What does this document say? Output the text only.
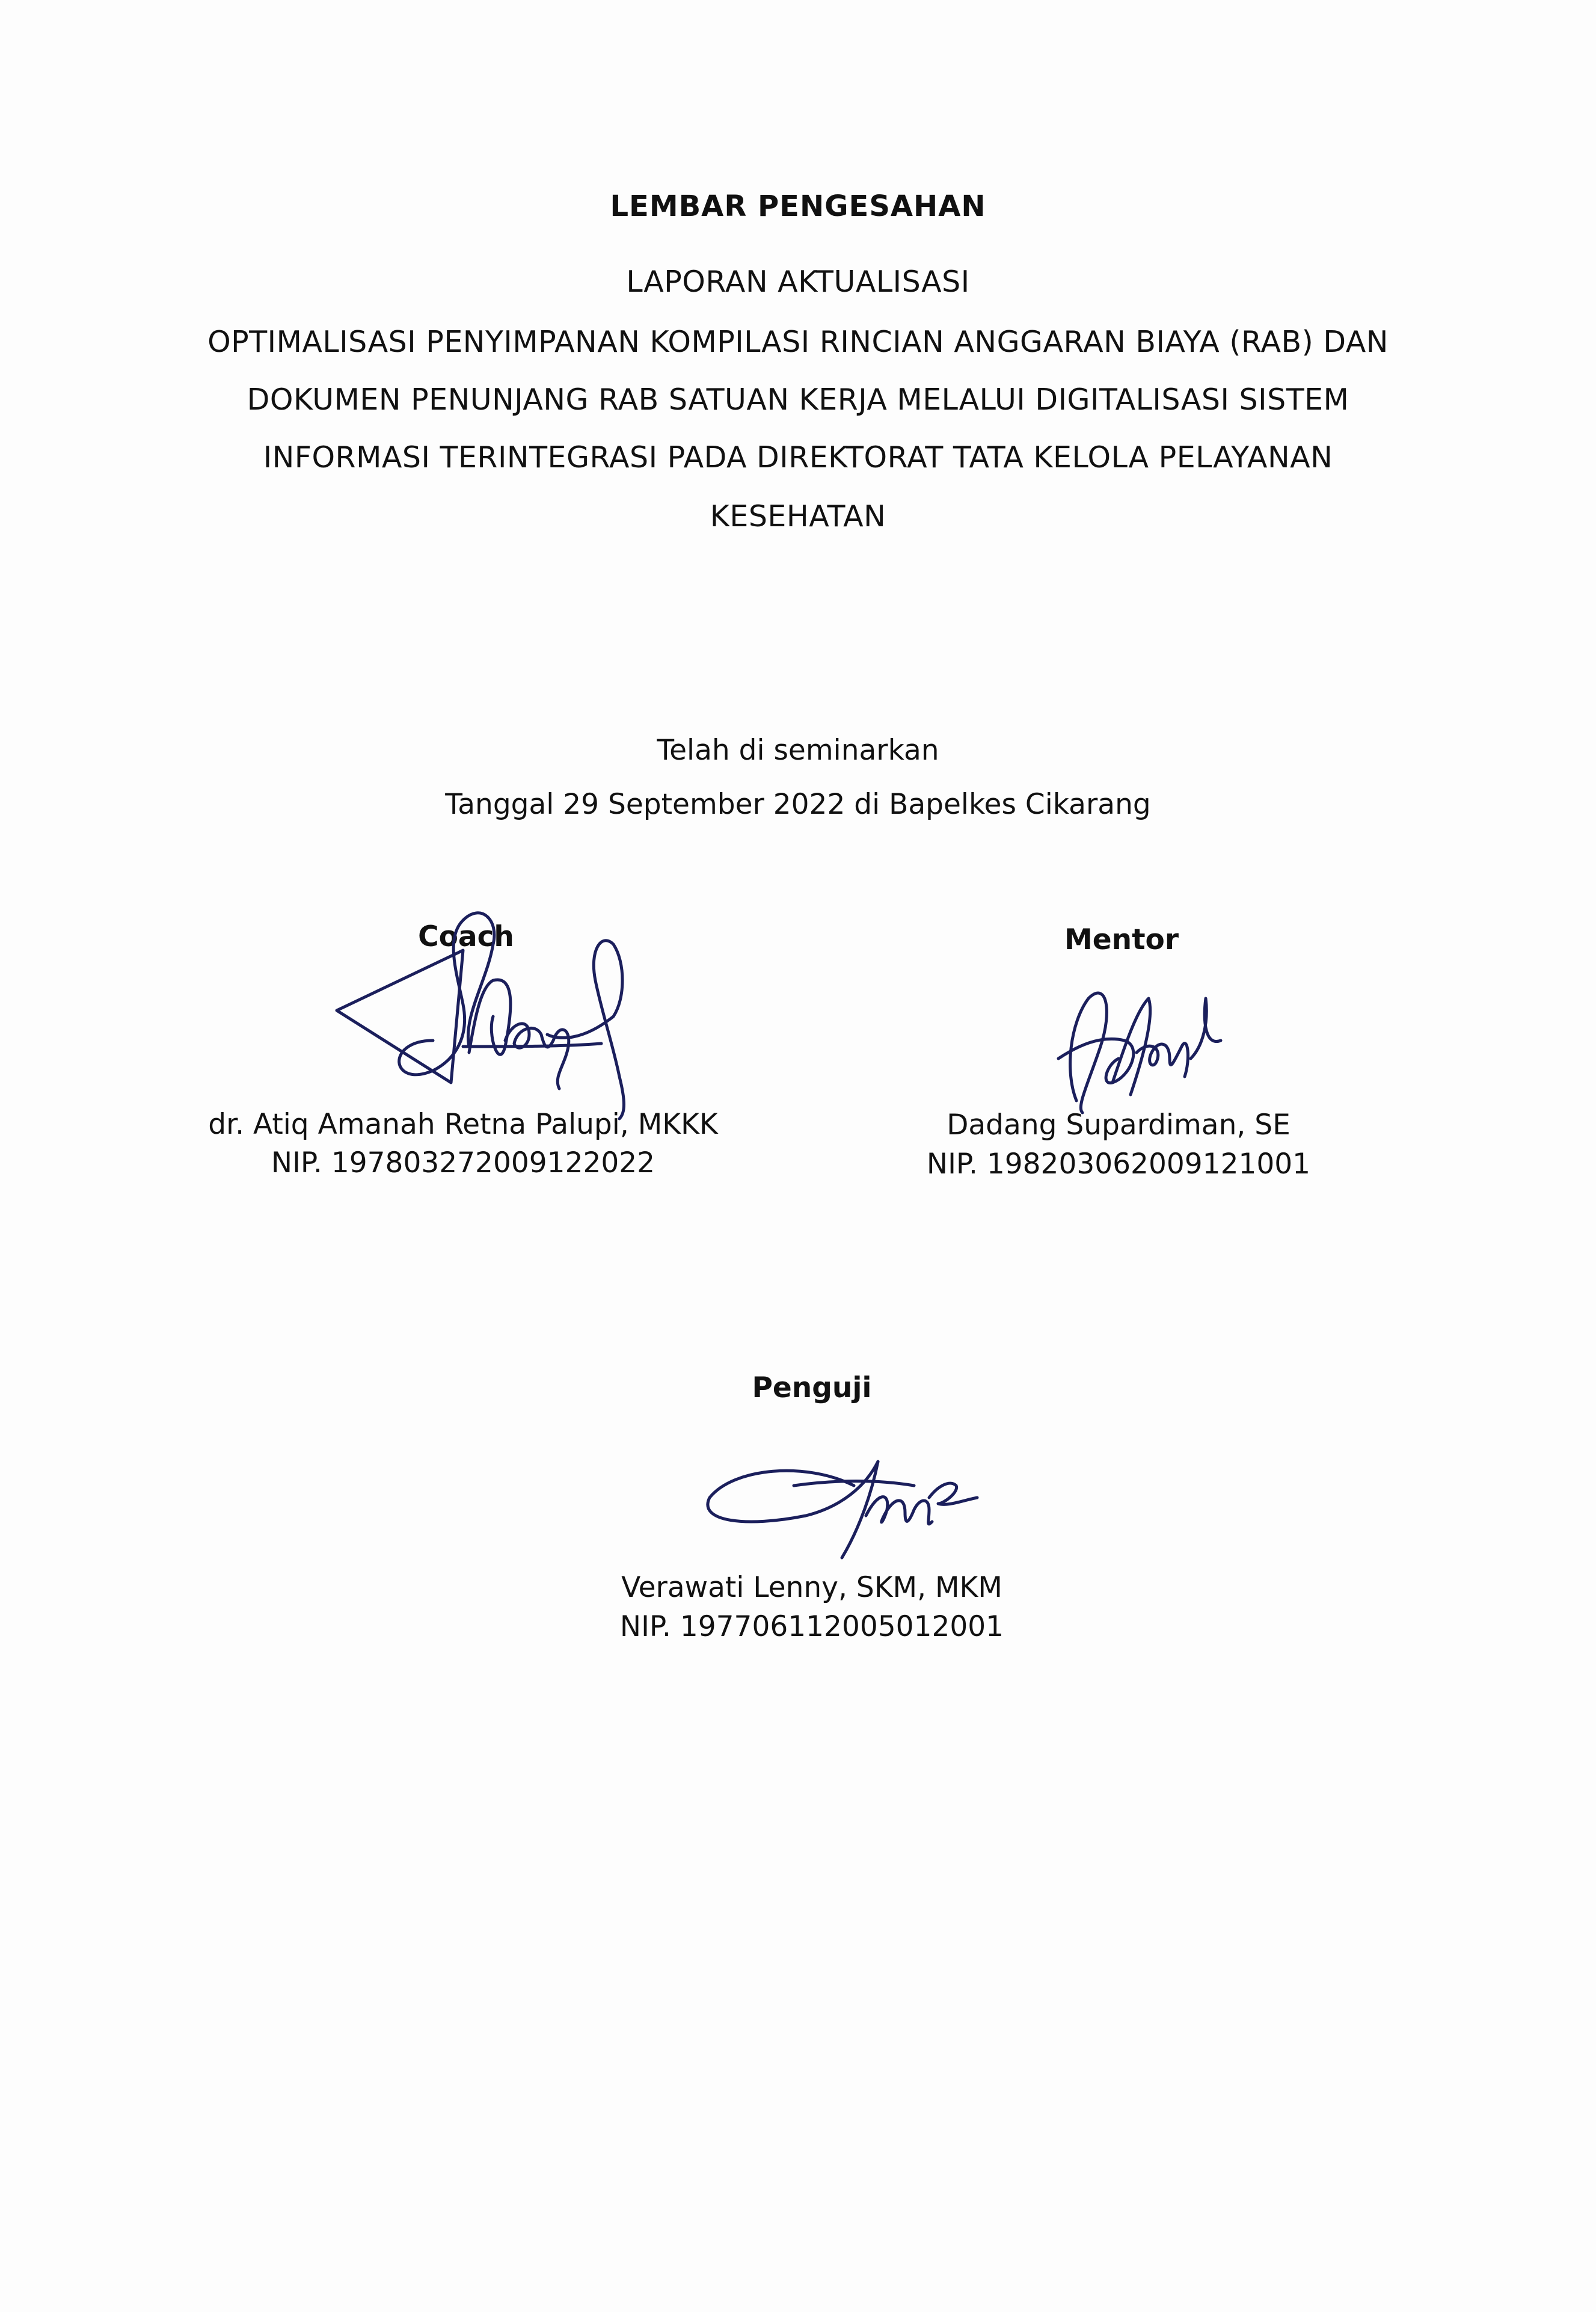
LEMBAR PENGESAHAN
LAPORAN AKTUALISASI
OPTIMALISASI PENYIMPANAN KOMPILASI RINCIAN ANGGARAN BIAYA (RAB) DAN
DOKUMEN PENUNJANG RAB SATUAN KERJA MELALUI DIGITALISASI SISTEM
INFORMASI TERINTEGRASI PADA DIREKTORAT TATA KELOLA PELAYANAN
KESEHATAN
Telah di seminarkan
Tanggal 29 September 2022 di Bapelkes Cikarang
Coach
dr. Atiq Amanah Retna Palupi, MKKK
NIP. 197803272009122022
Mentor
Dadang Supardiman, SE
NIP. 198203062009121001
Penguji
Verawati Lenny, SKM, MKM
NIP. 197706112005012001
